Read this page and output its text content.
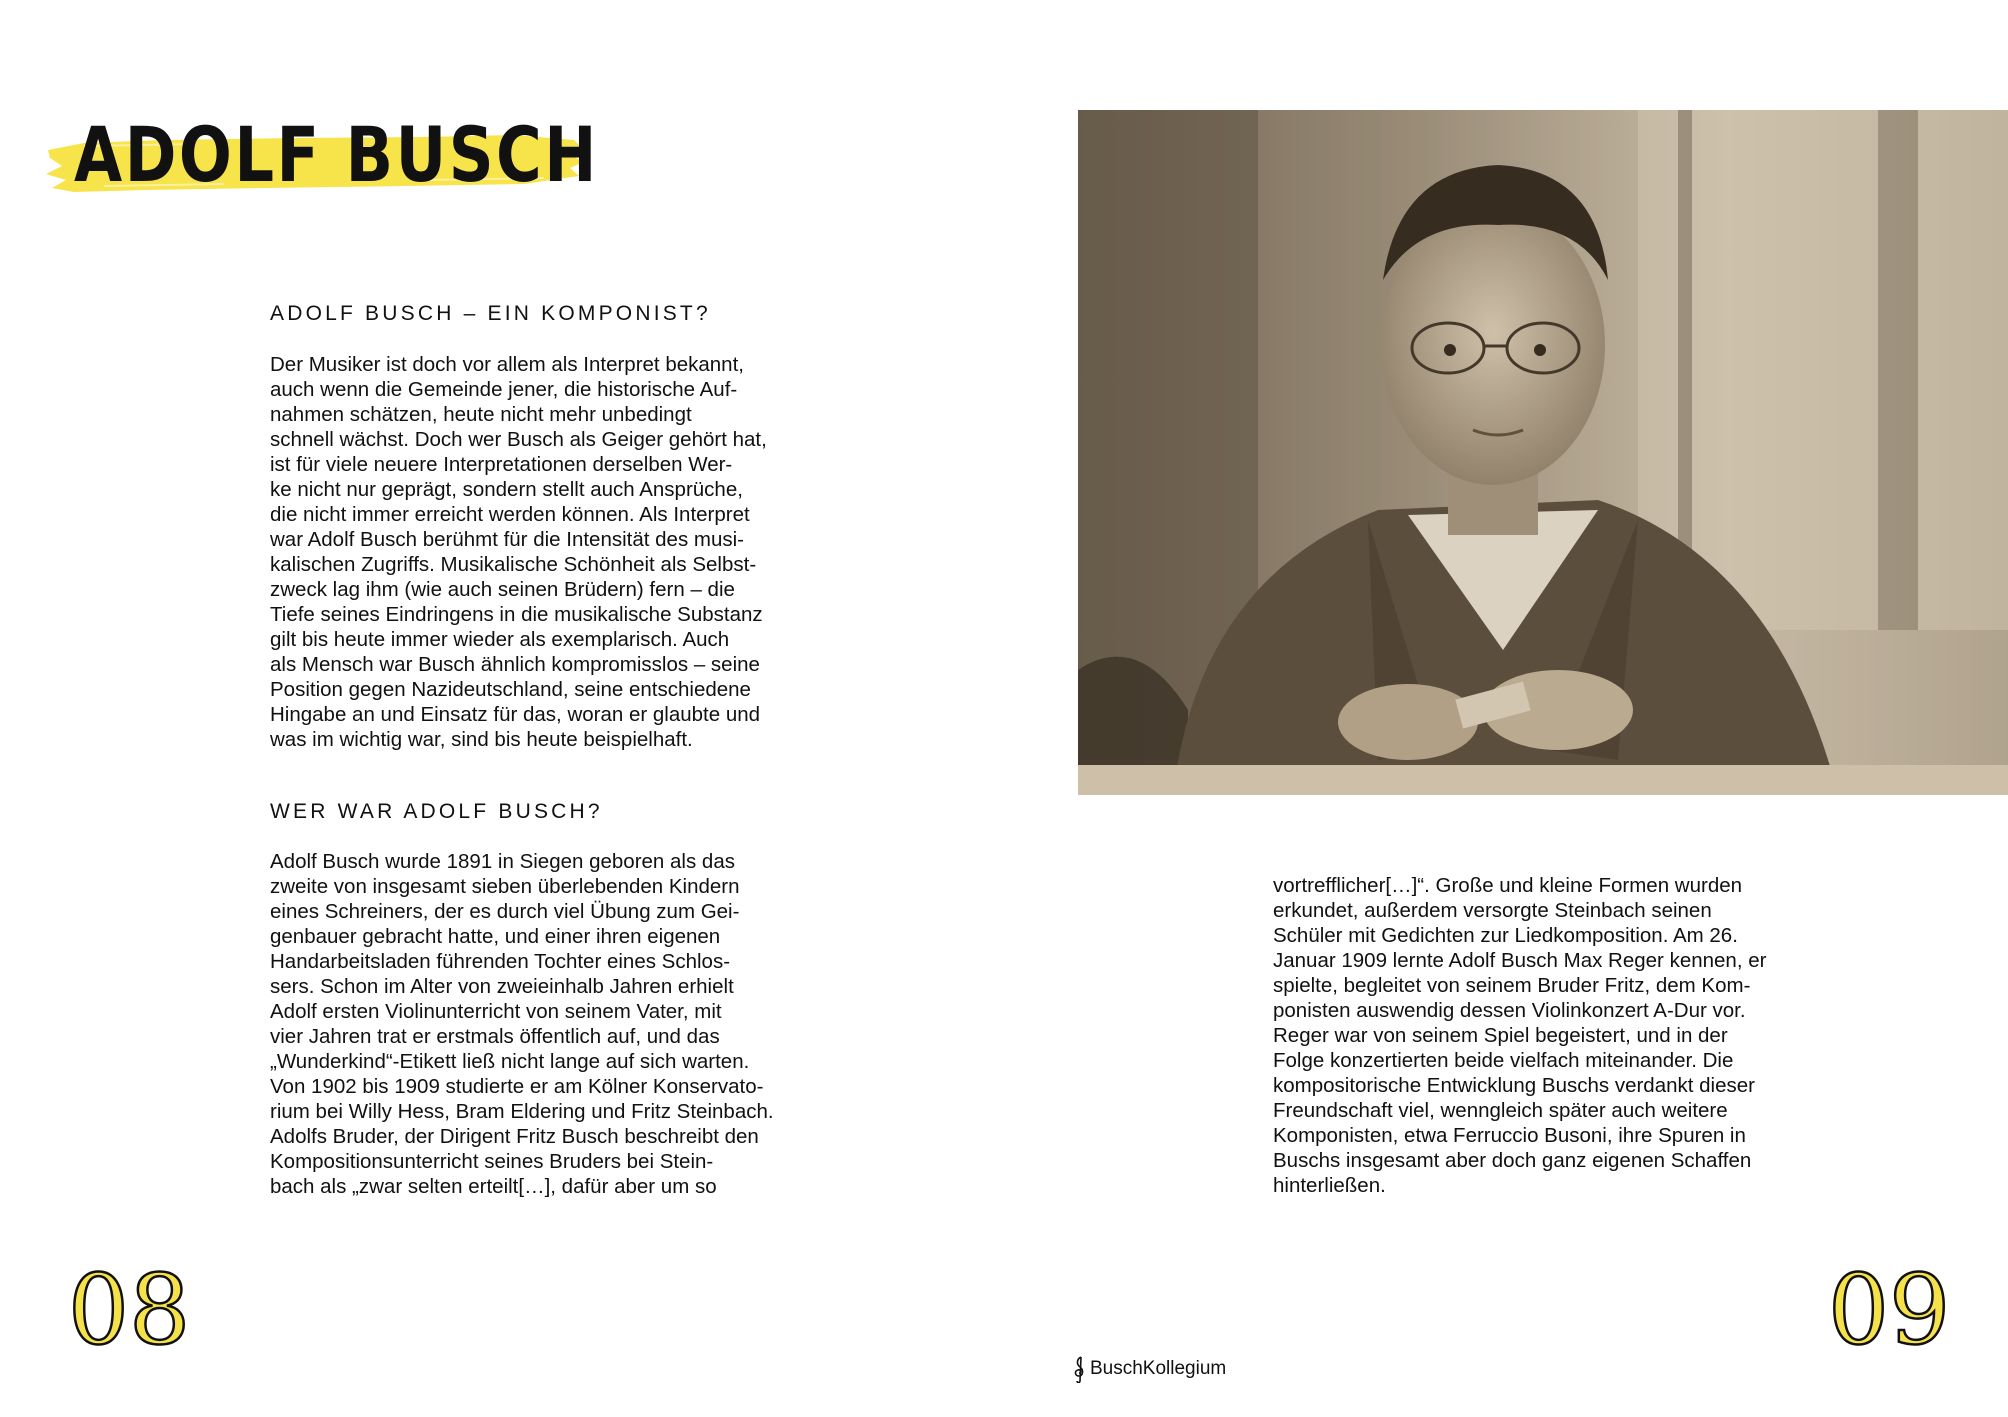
ADOLF BUSCH
ADOLF BUSCH – EIN KOMPONIST?
Der Musiker ist doch vor allem als Interpret bekannt,
auch wenn die Gemeinde jener, die historische Auf-
nahmen schätzen, heute nicht mehr unbedingt
schnell wächst. Doch wer Busch als Geiger gehört hat,
ist für viele neuere Interpretationen derselben Wer-
ke nicht nur geprägt, sondern stellt auch Ansprüche,
die nicht immer erreicht werden können. Als Interpret
war Adolf Busch berühmt für die Intensität des musi-
kalischen Zugriffs. Musikalische Schönheit als Selbst-
zweck lag ihm (wie auch seinen Brüdern) fern – die
Tiefe seines Eindringens in die musikalische Substanz
gilt bis heute immer wieder als exemplarisch. Auch
als Mensch war Busch ähnlich kompromisslos – seine
Position gegen Nazideutschland, seine entschiedene
Hingabe an und Einsatz für das, woran er glaubte und
was im wichtig war, sind bis heute beispielhaft.
WER WAR ADOLF BUSCH?
Adolf Busch wurde 1891 in Siegen geboren als das
zweite von insgesamt sieben überlebenden Kindern
eines Schreiners, der es durch viel Übung zum Gei-
genbauer gebracht hatte, und einer ihren eigenen
Handarbeitsladen führenden Tochter eines Schlos-
sers. Schon im Alter von zweieinhalb Jahren erhielt
Adolf ersten Violinunterricht von seinem Vater, mit
vier Jahren trat er erstmals öffentlich auf, und das
„Wunderkind“-Etikett ließ nicht lange auf sich warten.
Von 1902 bis 1909 studierte er am Kölner Konservato-
rium bei Willy Hess, Bram Eldering und Fritz Steinbach.
Adolfs Bruder, der Dirigent Fritz Busch beschreibt den
Kompositionsunterricht seines Bruders bei Stein-
bach als „zwar selten erteilt[…], dafür aber um so
vortrefflicher[…]“. Große und kleine Formen wurden
erkundet, außerdem versorgte Steinbach seinen
Schüler mit Gedichten zur Liedkomposition. Am 26.
Januar 1909 lernte Adolf Busch Max Reger kennen, er
spielte, begleitet von seinem Bruder Fritz, dem Kom-
ponisten auswendig dessen Violinkonzert A-Dur vor.
Reger war von seinem Spiel begeistert, und in der
Folge konzertierten beide vielfach miteinander. Die
kompositorische Entwicklung Buschs verdankt dieser
Freundschaft viel, wenngleich später auch weitere
Komponisten, etwa Ferruccio Busoni, ihre Spuren in
Buschs insgesamt aber doch ganz eigenen Schaffen
hinterließen.
08	09
BuschKollegium
